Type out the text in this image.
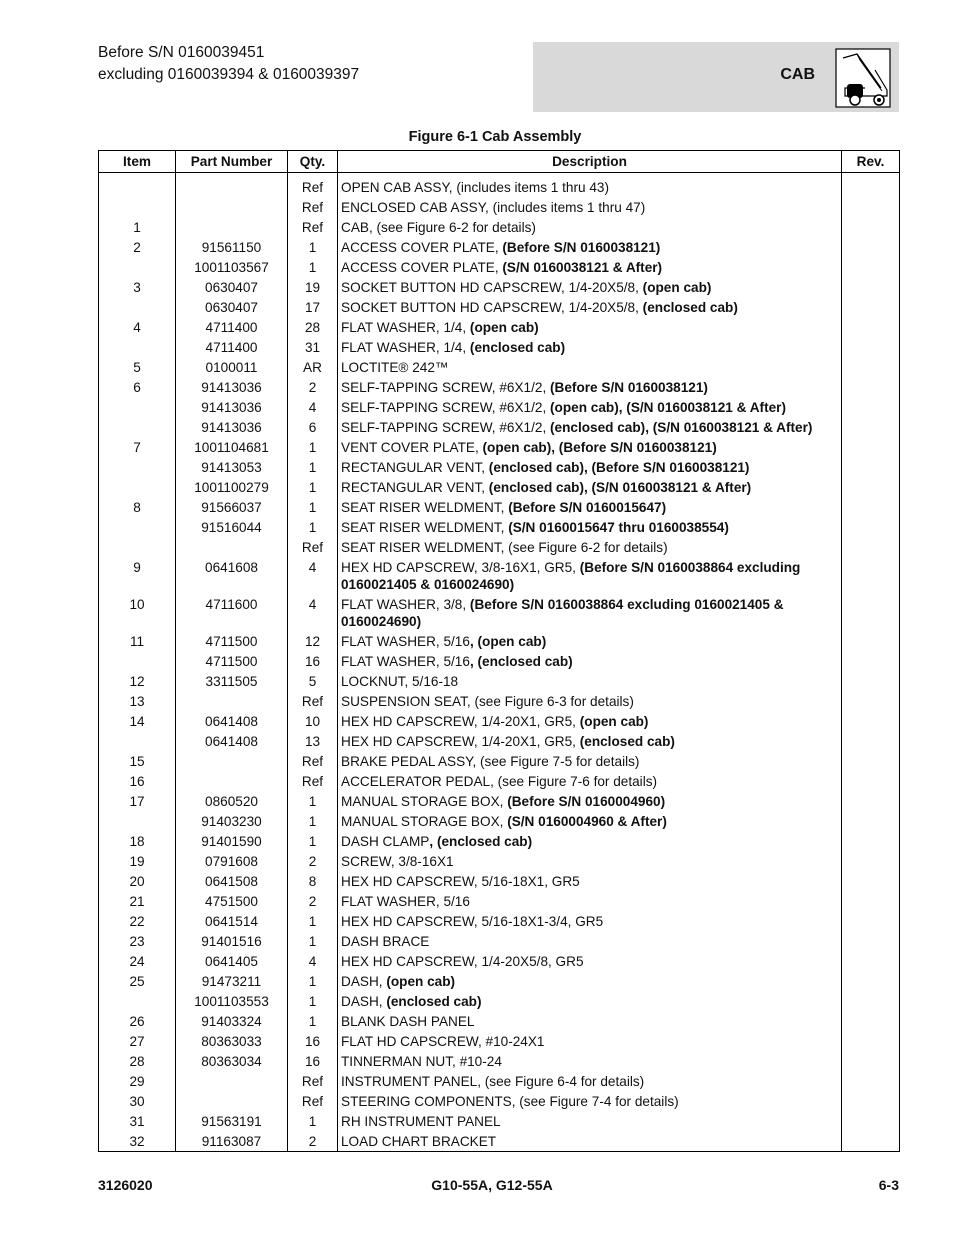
Before S/N 0160039451
excluding 0160039394 & 0160039397	CAB
Figure 6-1 Cab Assembly
Item	Part Number	Qty.	Description	Rev.
		Ref	OPEN CAB ASSY, (includes items 1 thru 43)	
		Ref	ENCLOSED CAB ASSY, (includes items 1 thru 47)	
1		Ref	CAB, (see Figure 6-2 for details)	
2	91561150	1	ACCESS COVER PLATE, (Before S/N 0160038121)	
	1001103567	1	ACCESS COVER PLATE, (S/N 0160038121 & After)	
3	0630407	19	SOCKET BUTTON HD CAPSCREW, 1/4-20X5/8, (open cab)	
	0630407	17	SOCKET BUTTON HD CAPSCREW, 1/4-20X5/8, (enclosed cab)	
4	4711400	28	FLAT WASHER, 1/4, (open cab)	
	4711400	31	FLAT WASHER, 1/4, (enclosed cab)	
5	0100011	AR	LOCTITE® 242™	
6	91413036	2	SELF-TAPPING SCREW, #6X1/2, (Before S/N 0160038121)	
	91413036	4	SELF-TAPPING SCREW, #6X1/2, (open cab), (S/N 0160038121 & After)	
	91413036	6	SELF-TAPPING SCREW, #6X1/2, (enclosed cab), (S/N 0160038121 & After)	
7	1001104681	1	VENT COVER PLATE, (open cab), (Before S/N 0160038121)	
	91413053	1	RECTANGULAR VENT, (enclosed cab), (Before S/N 0160038121)	
	1001100279	1	RECTANGULAR VENT, (enclosed cab), (S/N 0160038121 & After)	
8	91566037	1	SEAT RISER WELDMENT, (Before S/N 0160015647)	
	91516044	1	SEAT RISER WELDMENT, (S/N 0160015647 thru 0160038554)	
		Ref	SEAT RISER WELDMENT, (see Figure 6-2 for details)	
9	0641608	4	HEX HD CAPSCREW, 3/8-16X1, GR5, (Before S/N 0160038864 excluding 0160021405 & 0160024690)	
10	4711600	4	FLAT WASHER, 3/8, (Before S/N 0160038864 excluding 0160021405 & 0160024690)	
11	4711500	12	FLAT WASHER, 5/16, (open cab)	
	4711500	16	FLAT WASHER, 5/16, (enclosed cab)	
12	3311505	5	LOCKNUT, 5/16-18	
13		Ref	SUSPENSION SEAT, (see Figure 6-3 for details)	
14	0641408	10	HEX HD CAPSCREW, 1/4-20X1, GR5, (open cab)	
	0641408	13	HEX HD CAPSCREW, 1/4-20X1, GR5, (enclosed cab)	
15		Ref	BRAKE PEDAL ASSY, (see Figure 7-5 for details)	
16		Ref	ACCELERATOR PEDAL, (see Figure 7-6 for details)	
17	0860520	1	MANUAL STORAGE BOX, (Before S/N 0160004960)	
	91403230	1	MANUAL STORAGE BOX, (S/N 0160004960 & After)	
18	91401590	1	DASH CLAMP, (enclosed cab)	
19	0791608	2	SCREW, 3/8-16X1	
20	0641508	8	HEX HD CAPSCREW, 5/16-18X1, GR5	
21	4751500	2	FLAT WASHER, 5/16	
22	0641514	1	HEX HD CAPSCREW, 5/16-18X1-3/4, GR5	
23	91401516	1	DASH BRACE	
24	0641405	4	HEX HD CAPSCREW, 1/4-20X5/8, GR5	
25	91473211	1	DASH, (open cab)	
	1001103553	1	DASH, (enclosed cab)	
26	91403324	1	BLANK DASH PANEL	
27	80363033	16	FLAT HD CAPSCREW, #10-24X1	
28	80363034	16	TINNERMAN NUT, #10-24	
29		Ref	INSTRUMENT PANEL, (see Figure 6-4 for details)	
30		Ref	STEERING COMPONENTS, (see Figure 7-4 for details)	
31	91563191	1	RH INSTRUMENT PANEL	
32	91163087	2	LOAD CHART BRACKET	
3126020	G10-55A, G12-55A	6-3
